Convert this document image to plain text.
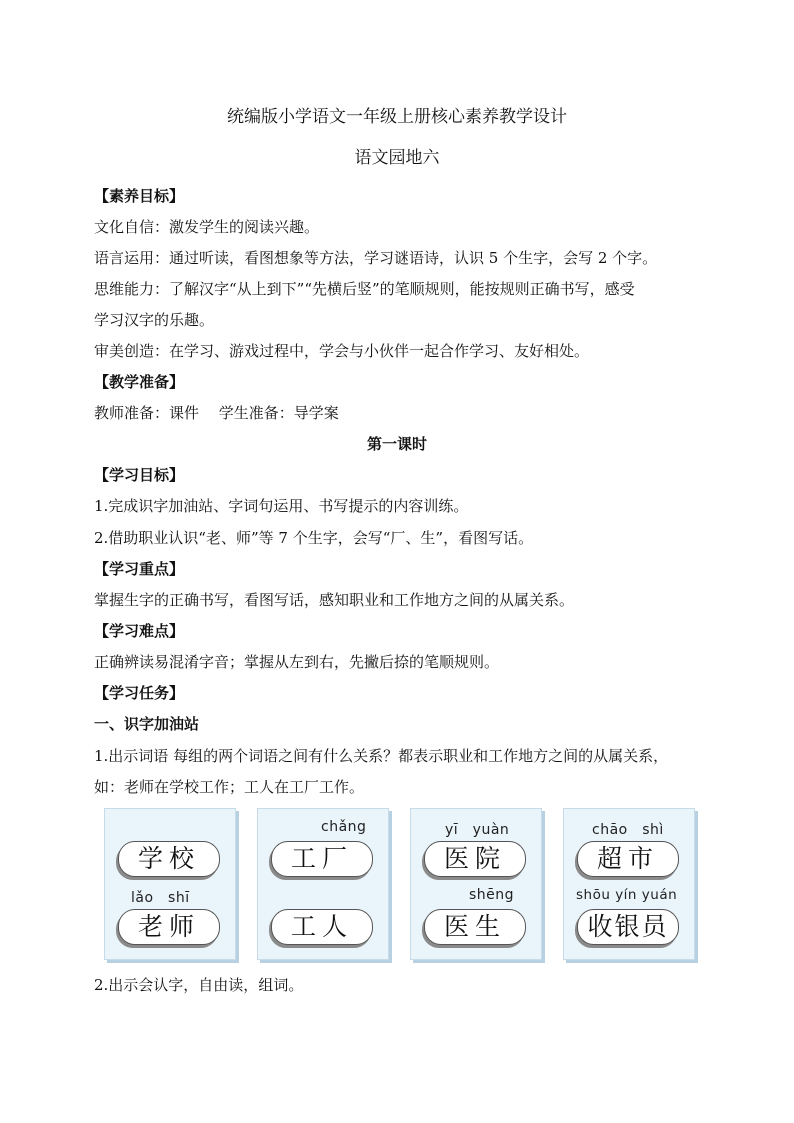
统编版小学语文一年级上册核心素养教学设计
语文园地六
【素养目标】
文化自信：激发学生的阅读兴趣。
语言运用：通过听读，看图想象等方法，学习谜语诗，认识 5 个生字，会写 2 个字。
思维能力：了解汉字“从上到下”“先横后竖”的笔顺规则，能按规则正确书写，感受
学习汉字的乐趣。
审美创造：在学习、游戏过程中，学会与小伙伴一起合作学习、友好相处。
【教学准备】
教师准备：课件　 学生准备：导学案
第一课时
【学习目标】
1.完成识字加油站、字词句运用、书写提示的内容训练。
2.借助职业认识“老、师”等 7 个生字，会写“厂、生”，看图写话。
【学习重点】
掌握生字的正确书写，看图写话，感知职业和工作地方之间的从属关系。
【学习难点】
正确辨读易混淆字音；掌握从左到右，先撇后捺的笔顺规则。
【学习任务】
一、识字加油站
1.出示词语 每组的两个词语之间有什么关系？都表示职业和工作地方之间的从属关系，
如：老师在学校工作；工人在工厂工作。
学校
lǎo　shī
老师
chǎng
工厂
工人
yī　yuàn
医院
shēng
医生
chāo　shì
超市
shōu yín yuán
收银员
2.出示会认字，自由读，组词。
